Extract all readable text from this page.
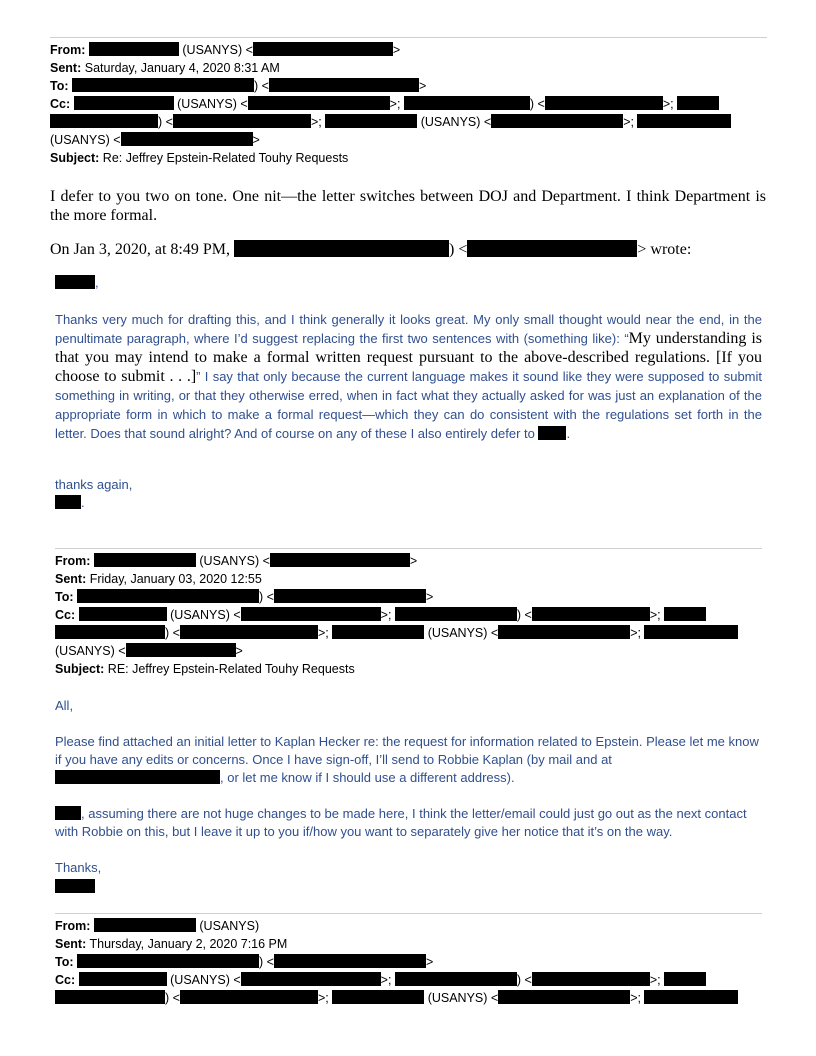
From:	(USANYS) <	>
Sent: Saturday, January 4, 2020 8:31 AM
To:	) <	>
Cc:	(USANYS) <	>;	) <	>;
) <	>;	(USANYS) <	>;
(USANYS) <	>
Subject: Re: Jeffrey Epstein-Related Touhy Requests
I defer to you two on tone. One nit—the letter switches between DOJ and Department. I think Department is the more formal.
On Jan 3, 2020, at 8:49 PM,	) <	> wrote:
,
Thanks very much for drafting this, and I think generally it looks great. My only small thought would near the end, in the penultimate paragraph, where I’d suggest replacing the first two sentences with (something like): “My understanding is that you may intend to make a formal written request pursuant to the above-described regulations. [If you choose to submit . . .]” I say that only because the current language makes it sound like they were supposed to submit something in writing, or that they otherwise erred, when in fact what they actually asked for was just an explanation of the appropriate form in which to make a formal request—which they can do consistent with the regulations set forth in the letter. Does that sound alright? And of course on any of these I also entirely defer to .
thanks again,
.
From:	(USANYS) <	>
Sent: Friday, January 03, 2020 12:55
To:	) <	>
Cc:	(USANYS) <	>;	) <	>;
) <	>;	(USANYS) <	>;
(USANYS) <	>
Subject: RE: Jeffrey Epstein-Related Touhy Requests
All,
Please find attached an initial letter to Kaplan Hecker re: the request for information related to Epstein. Please let me know if you have any edits or concerns. Once I have sign-off, I’ll send to Robbie Kaplan (by mail and at , or let me know if I should use a different address).
, assuming there are not huge changes to be made here, I think the letter/email could just go out as the next contact with Robbie on this, but I leave it up to you if/how you want to separately give her notice that it’s on the way.
Thanks,
From:	(USANYS)
Sent: Thursday, January 2, 2020 7:16 PM
To:	) <	>
Cc:	(USANYS) <	>;	) <	>;
) <	>;	(USANYS) <	>;
